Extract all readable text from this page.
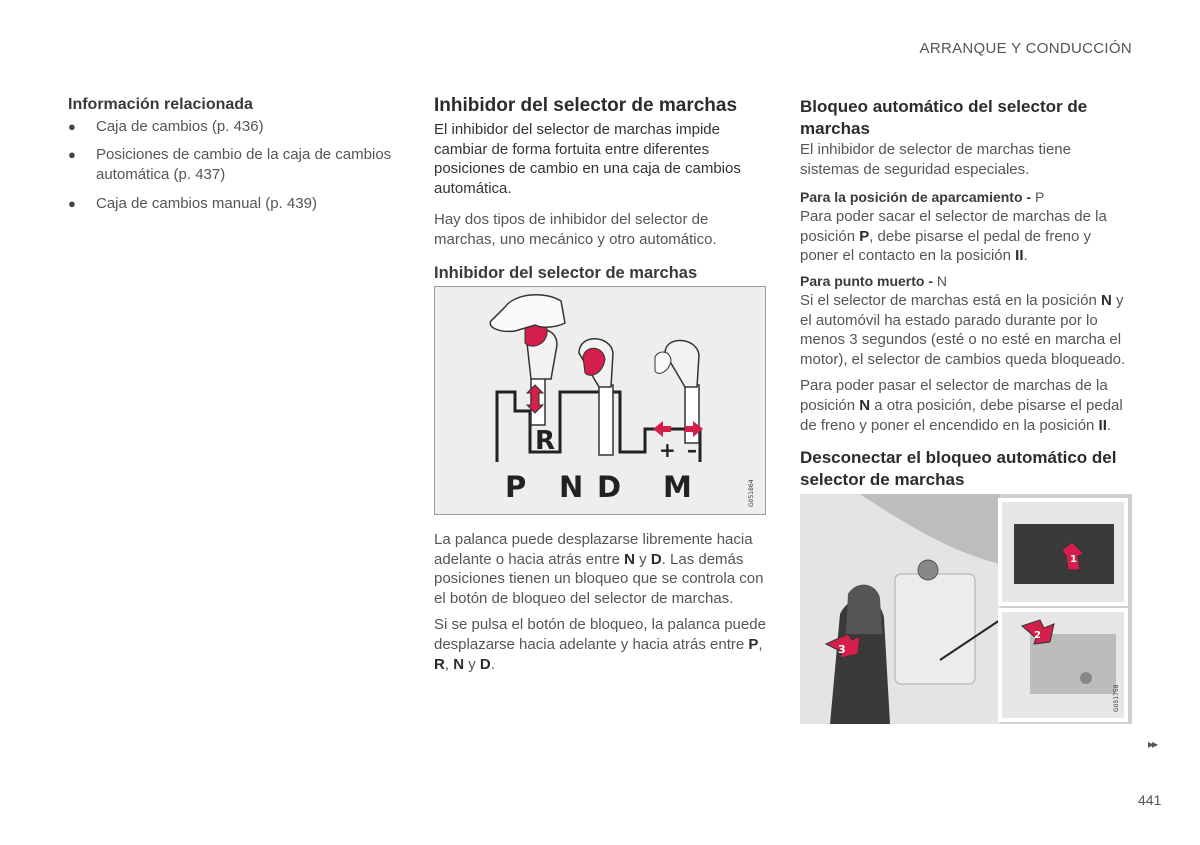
ARRANQUE Y CONDUCCIÓN
Información relacionada
● Caja de cambios (p. 436)
● Posiciones de cambio de la caja de cambios automática (p. 437)
● Caja de cambios manual (p. 439)
Inhibidor del selector de marchas

El inhibidor del selector de marchas impide cambiar de forma fortuita entre diferentes posiciones de cambio en una caja de cambios automática.

Hay dos tipos de inhibidor del selector de marchas, uno mecánico y otro automático.

Inhibidor del selector de marchas
R	+ –
P N D M	G051864

La palanca puede desplazarse libremente hacia adelante o hacia atrás entre N y D. Las demás posiciones tienen un bloqueo que se controla con el botón de bloqueo del selector de marchas.

Si se pulsa el botón de bloqueo, la palanca puede desplazarse hacia adelante y hacia atrás entre P, R, N y D.

Bloqueo automático del selector de marchas

El inhibidor de selector de marchas tiene sistemas de seguridad especiales.

Para la posición de aparcamiento - P

Para poder sacar el selector de marchas de la posición P, debe pisarse el pedal de freno y poner el contacto en la posición II.

Para punto muerto - N

Si el selector de marchas está en la posición N y el automóvil ha estado parado durante por lo menos 3 segundos (esté o no esté en marcha el motor), el selector de cambios queda bloqueado.

Para poder pasar el selector de marchas de la posición N a otra posición, debe pisarse el pedal de freno y poner el encendido en la posición II.

Desconectar el bloqueo automático del selector de marchas
3
1
2
G051758
▸▸
441
